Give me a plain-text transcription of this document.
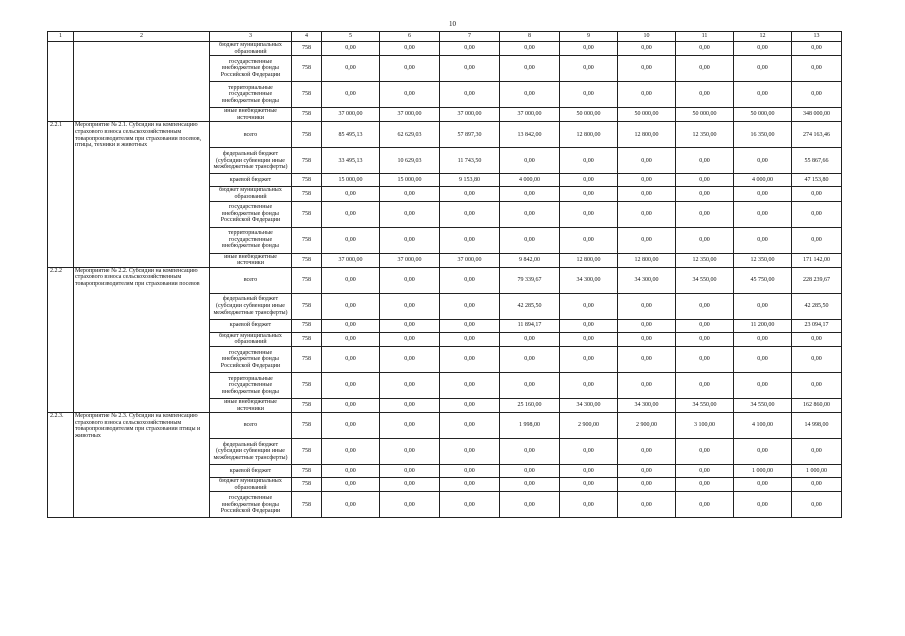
10
1	2	3	4	5	6	7	8	9	10	11	12	13
		бюджет муниципальных образований	758	0,00	0,00	0,00	0,00	0,00	0,00	0,00	0,00	0,00
		государственные внебюджетные фонды Российской Федерации	758	0,00	0,00	0,00	0,00	0,00	0,00	0,00	0,00	0,00
		территориальные государственные внебюджетные фонды	758	0,00	0,00	0,00	0,00	0,00	0,00	0,00	0,00	0,00
		иные внебюджетные источники	758	37 000,00	37 000,00	37 000,00	37 000,00	50 000,00	50 000,00	50 000,00	50 000,00	348 000,00
2.2.1	Мероприятие № 2.1. Субсидии на компенсацию страхового взноса сельскохозяйственным товаропроизводителям при страховании посевов, птицы, техники и животных	всего	758	85 495,13	62 629,03	57 897,30	13 842,00	12 800,00	12 800,00	12 350,00	16 350,00	274 163,46
		федеральный бюджет (субсидии субвенции иные межбюджетные трансферты)	758	33 495,13	10 629,03	11 743,50	0,00	0,00	0,00	0,00	0,00	55 867,66
		краевой бюджет	758	15 000,00	15 000,00	9 153,80	4 000,00	0,00	0,00	0,00	4 000,00	47 153,80
		бюджет муниципальных образований	758	0,00	0,00	0,00	0,00	0,00	0,00	0,00	0,00	0,00
		государственные внебюджетные фонды Российской Федерации	758	0,00	0,00	0,00	0,00	0,00	0,00	0,00	0,00	0,00
		территориальные государственные внебюджетные фонды	758	0,00	0,00	0,00	0,00	0,00	0,00	0,00	0,00	0,00
		иные внебюджетные источники	758	37 000,00	37 000,00	37 000,00	9 842,00	12 800,00	12 800,00	12 350,00	12 350,00	171 142,00
2.2.2	Мероприятие № 2.2. Субсидии на компенсацию страхового взноса сельскохозяйственным товаропроизводителям при страховании посевов	всего	758	0,00	0,00	0,00	79 339,67	34 300,00	34 300,00	34 550,00	45 750,00	228 239,67
		федеральный бюджет (субсидии субвенции иные межбюджетные трансферты)	758	0,00	0,00	0,00	42 285,50	0,00	0,00	0,00	0,00	42 285,50
		краевой бюджет	758	0,00	0,00	0,00	11 894,17	0,00	0,00	0,00	11 200,00	23 094,17
		бюджет муниципальных образований	758	0,00	0,00	0,00	0,00	0,00	0,00	0,00	0,00	0,00
		государственные внебюджетные фонды Российской Федерации	758	0,00	0,00	0,00	0,00	0,00	0,00	0,00	0,00	0,00
		территориальные государственные внебюджетные фонды	758	0,00	0,00	0,00	0,00	0,00	0,00	0,00	0,00	0,00
		иные внебюджетные источники	758	0,00	0,00	0,00	25 160,00	34 300,00	34 300,00	34 550,00	34 550,00	162 860,00
2.2.3.	Мероприятие № 2.3. Субсидии на компенсацию страхового взноса сельскохозяйственным товаропроизводителям при страховании птицы и животных	всего	758	0,00	0,00	0,00	1 998,00	2 900,00	2 900,00	3 100,00	4 100,00	14 998,00
		федеральный бюджет (субсидии субвенции иные межбюджетные трансферты)	758	0,00	0,00	0,00	0,00	0,00	0,00	0,00	0,00	0,00
		краевой бюджет	758	0,00	0,00	0,00	0,00	0,00	0,00	0,00	1 000,00	1 000,00
		бюджет муниципальных образований	758	0,00	0,00	0,00	0,00	0,00	0,00	0,00	0,00	0,00
		государственные внебюджетные фонды Российской Федерации	758	0,00	0,00	0,00	0,00	0,00	0,00	0,00	0,00	0,00
